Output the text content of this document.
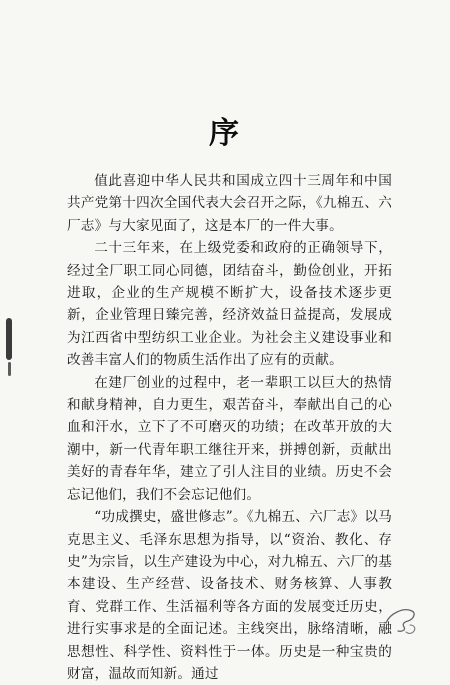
序

值此喜迎中华人民共和国成立四十三周年和中国共产党第十四次全国代表大会召开之际，《九棉五、六厂志》与大家见面了，这是本厂的一件大事。

二十三年来，在上级党委和政府的正确领导下，经过全厂职工同心同德，团结奋斗，勤俭创业，开拓进取，企业的生产规模不断扩大，设备技术逐步更新，企业管理日臻完善，经济效益日益提高，发展成为江西省中型纺织工业企业。为社会主义建设事业和改善丰富人们的物质生活作出了应有的贡献。

在建厂创业的过程中，老一辈职工以巨大的热情和献身精神，自力更生，艰苦奋斗，奉献出自己的心血和汗水，立下了不可磨灭的功绩；在改革开放的大潮中，新一代青年职工继往开来，拼搏创新，贡献出美好的青春年华，建立了引人注目的业绩。历史不会忘记他们，我们不会忘记他们。

“功成撰史，盛世修志”。《九棉五、六厂志》以马克思主义、毛泽东思想为指导，以“资治、教化、存史”为宗旨，以生产建设为中心，对九棉五、六厂的基本建设、生产经营、设备技术、财务核算、人事教育、党群工作、生活福利等各方面的发展变迁历史，进行实事求是的全面记述。主线突出，脉络清晰，融思想性、科学性、资料性于一体。历史是一种宝贵的财富，温故而知新。通过
